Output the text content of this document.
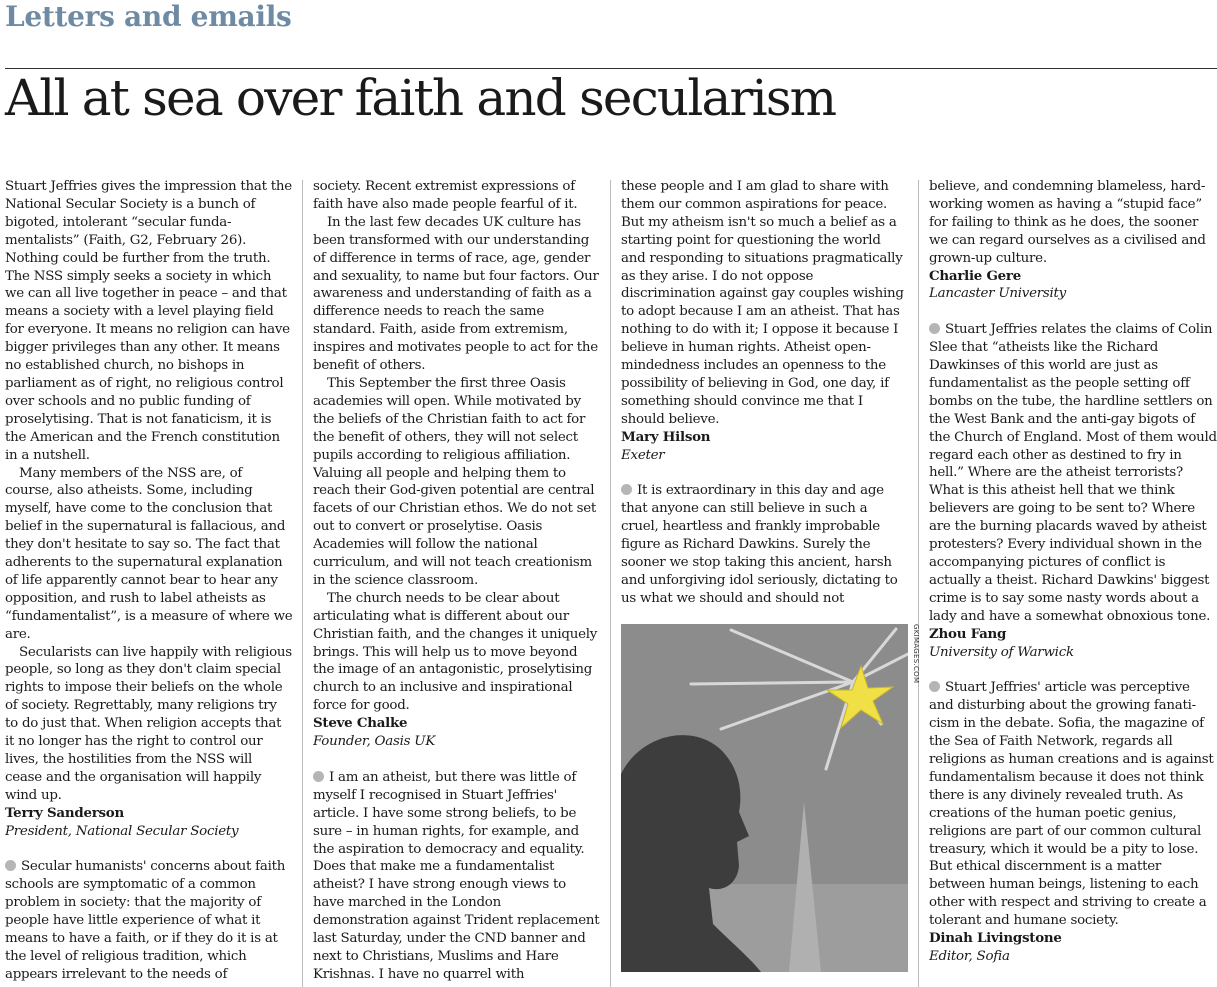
Letters and emails
All at sea over faith and secularism

Stuart Jeffries gives the impression that the National Secular Society is a bunch of bigoted, intolerant “secular fundamentalists” (Faith, G2, February 26). Nothing could be further from the truth. The NSS simply seeks a society in which we can all live together in peace – and that means a society with a level playing field for everyone. It means no religion can have bigger privileges than any other. It means no established church, no bishops in parliament as of right, no religious control over schools and no public funding of proselytising. That is not fanaticism, it is the American and the French constitution in a nutshell.

Many members of the NSS are, of course, also atheists. Some, including myself, have come to the conclusion that belief in the supernatural is fallacious, and they don't hesitate to say so. The fact that adherents to the supernatural explanation of life apparently cannot bear to hear any opposition, and rush to label atheists as “fundamentalist”, is a measure of where we are.

Secularists can live happily with religious people, so long as they don't claim special rights to impose their beliefs on the whole of society. Regrettably, many religions try to do just that. When religion accepts that it no longer has the right to control our lives, the hostilities from the NSS will cease and the organisation will happily wind up.

Terry Sanderson
President, National Secular Society

Secular humanists' concerns about faith schools are symptomatic of a common problem in society: that the majority of people have little experience of what it means to have a faith, or if they do it is at the level of religious tradition, which appears irrelevant to the needs of

society. Recent extremist expressions of faith have also made people fearful of it.

In the last few decades UK culture has been transformed with our understanding of difference in terms of race, age, gender and sexuality, to name but four factors. Our awareness and understanding of faith as a difference needs to reach the same standard. Faith, aside from extremism, inspires and motivates people to act for the benefit of others.

This September the first three Oasis academies will open. While motivated by the beliefs of the Christian faith to act for the benefit of others, they will not select pupils according to religious affiliation. Valuing all people and helping them to reach their God-given potential are central facets of our Christian ethos. We do not set out to convert or proselytise. Oasis Academies will follow the national curriculum, and will not teach creationism in the science classroom.

The church needs to be clear about articulating what is different about our Christian faith, and the changes it uniquely brings. This will help us to move beyond the image of an antagonistic, proselytising church to an inclusive and inspirational force for good.

Steve Chalke
Founder, Oasis UK

I am an atheist, but there was little of myself I recognised in Stuart Jeffries' article. I have some strong beliefs, to be sure – in human rights, for example, and the aspiration to democracy and equality. Does that make me a fundamentalist atheist? I have strong enough views to have marched in the London demonstration against Trident replacement last Saturday, under the CND banner and next to Christians, Muslims and Hare Krishnas. I have no quarrel with

these people and I am glad to share with them our common aspirations for peace. But my atheism isn't so much a belief as a starting point for questioning the world and responding to situations pragmatically as they arise. I do not oppose discrimination against gay couples wishing to adopt because I am an atheist. That has nothing to do with it; I oppose it because I believe in human rights. Atheist open-mindedness includes an openness to the possibility of believing in God, one day, if something should convince me that I should believe.

Mary Hilson
Exeter

It is extraordinary in this day and age that anyone can still believe in such a cruel, heartless and frankly improbable figure as Richard Dawkins. Surely the sooner we stop taking this ancient, harsh and unforgiving idol seriously, dictating to us what we should and should not

GKIMAGES.COM

believe, and condemning blameless, hard-working women as having a “stupid face” for failing to think as he does, the sooner we can regard ourselves as a civilised and grown-up culture.

Charlie Gere
Lancaster University

Stuart Jeffries relates the claims of Colin Slee that “atheists like the Richard Dawkinses of this world are just as fundamentalist as the people setting off bombs on the tube, the hardline settlers on the West Bank and the anti-gay bigots of the Church of England. Most of them would regard each other as destined to fry in hell.” Where are the atheist terrorists? What is this atheist hell that we think believers are going to be sent to? Where are the burning placards waved by atheist protesters? Every individual shown in the accompanying pictures of conflict is actually a theist. Richard Dawkins' biggest crime is to say some nasty words about a lady and have a somewhat obnoxious tone.

Zhou Fang
University of Warwick

Stuart Jeffries' article was perceptive and disturbing about the growing fanaticism in the debate. Sofia, the magazine of the Sea of Faith Network, regards all religions as human creations and is against fundamentalism because it does not think there is any divinely revealed truth. As creations of the human poetic genius, religions are part of our common cultural treasury, which it would be a pity to lose. But ethical discernment is a matter between human beings, listening to each other with respect and striving to create a tolerant and humane society.

Dinah Livingstone
Editor, Sofia
